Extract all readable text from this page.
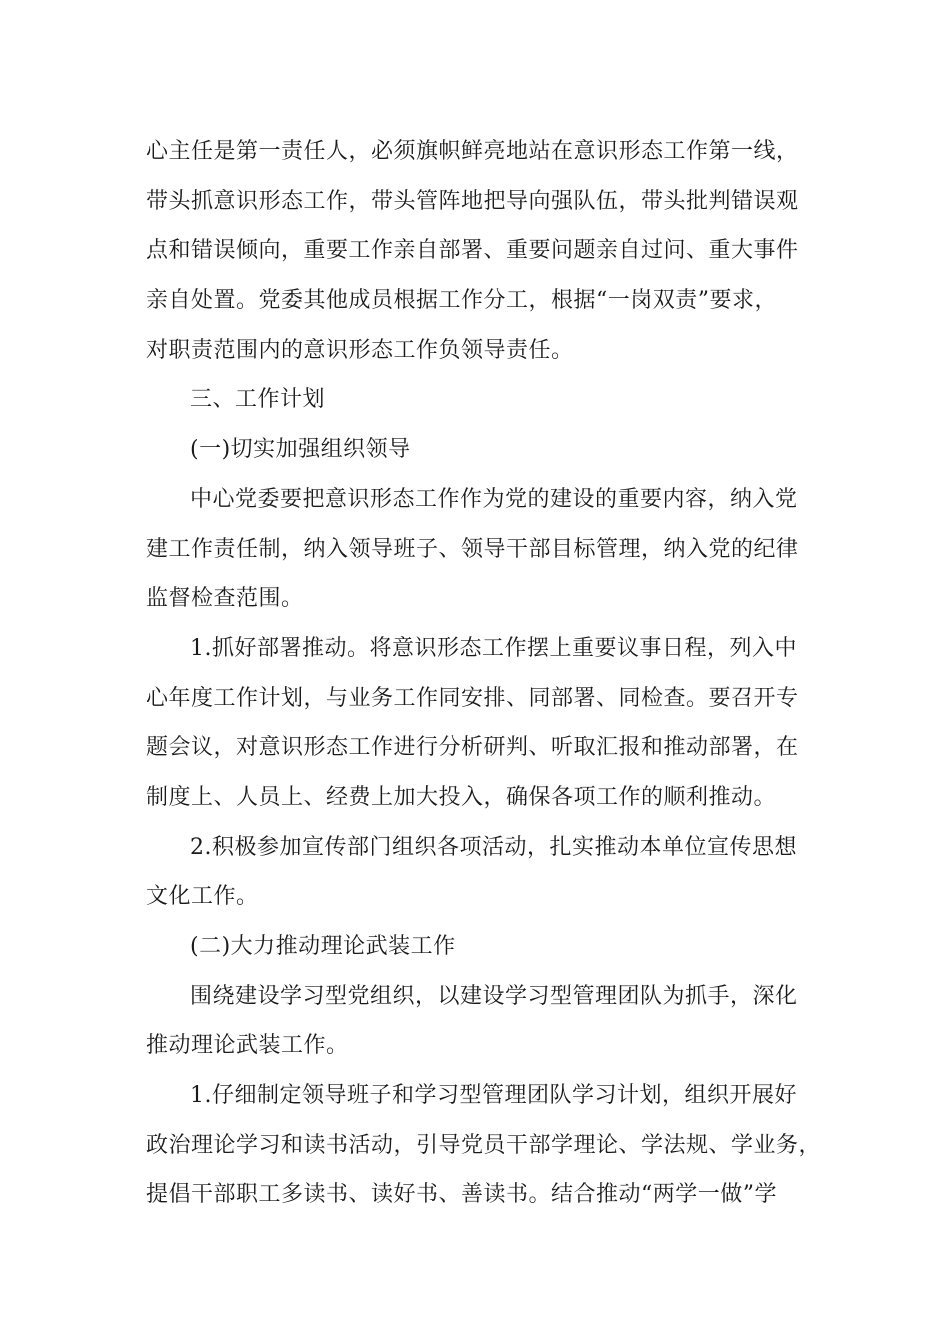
心主任是第一责任人，必须旗帜鲜亮地站在意识形态工作第一线，
带头抓意识形态工作，带头管阵地把导向强队伍，带头批判错误观
点和错误倾向，重要工作亲自部署、重要问题亲自过问、重大事件
亲自处置。党委其他成员根据工作分工，根据“一岗双责”要求，
对职责范围内的意识形态工作负领导责任。
三、工作计划
(一)切实加强组织领导
中心党委要把意识形态工作作为党的建设的重要内容，纳入党
建工作责任制，纳入领导班子、领导干部目标管理，纳入党的纪律
监督检查范围。
1.抓好部署推动。将意识形态工作摆上重要议事日程，列入中
心年度工作计划，与业务工作同安排、同部署、同检查。要召开专
题会议，对意识形态工作进行分析研判、听取汇报和推动部署，在
制度上、人员上、经费上加大投入，确保各项工作的顺利推动。
2.积极参加宣传部门组织各项活动，扎实推动本单位宣传思想
文化工作。
(二)大力推动理论武装工作
围绕建设学习型党组织，以建设学习型管理团队为抓手，深化
推动理论武装工作。
1.仔细制定领导班子和学习型管理团队学习计划，组织开展好
政治理论学习和读书活动，引导党员干部学理论、学法规、学业务，
提倡干部职工多读书、读好书、善读书。结合推动“两学一做”学
